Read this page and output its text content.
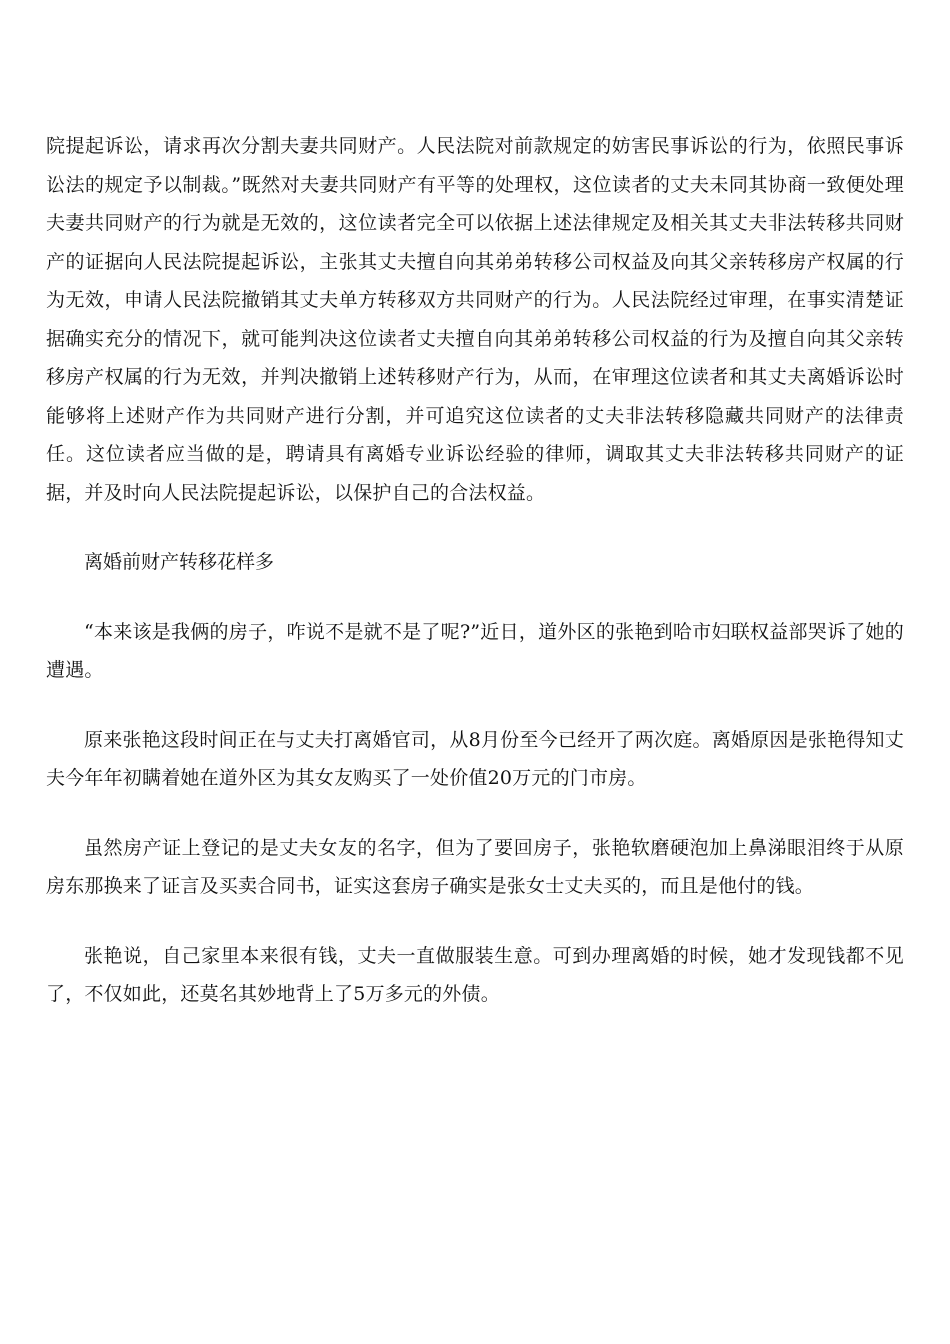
院提起诉讼，请求再次分割夫妻共同财产。人民法院对前款规定的妨害民事诉讼的行为，依照民事诉讼法的规定予以制裁。”既然对夫妻共同财产有平等的处理权，这位读者的丈夫未同其协商一致便处理夫妻共同财产的行为就是无效的，这位读者完全可以依据上述法律规定及相关其丈夫非法转移共同财产的证据向人民法院提起诉讼，主张其丈夫擅自向其弟弟转移公司权益及向其父亲转移房产权属的行为无效，申请人民法院撤销其丈夫单方转移双方共同财产的行为。人民法院经过审理，在事实清楚证据确实充分的情况下，就可能判决这位读者丈夫擅自向其弟弟转移公司权益的行为及擅自向其父亲转移房产权属的行为无效，并判决撤销上述转移财产行为，从而，在审理这位读者和其丈夫离婚诉讼时能够将上述财产作为共同财产进行分割，并可追究这位读者的丈夫非法转移隐藏共同财产的法律责任。这位读者应当做的是，聘请具有离婚专业诉讼经验的律师，调取其丈夫非法转移共同财产的证据，并及时向人民法院提起诉讼，以保护自己的合法权益。

离婚前财产转移花样多

“本来该是我俩的房子，咋说不是就不是了呢?”近日，道外区的张艳到哈市妇联权益部哭诉了她的遭遇。

原来张艳这段时间正在与丈夫打离婚官司，从8月份至今已经开了两次庭。离婚原因是张艳得知丈夫今年年初瞒着她在道外区为其女友购买了一处价值20万元的门市房。

虽然房产证上登记的是丈夫女友的名字，但为了要回房子，张艳软磨硬泡加上鼻涕眼泪终于从原房东那换来了证言及买卖合同书，证实这套房子确实是张女士丈夫买的，而且是他付的钱。

张艳说，自己家里本来很有钱，丈夫一直做服装生意。可到办理离婚的时候，她才发现钱都不见了，不仅如此，还莫名其妙地背上了5万多元的外债。
